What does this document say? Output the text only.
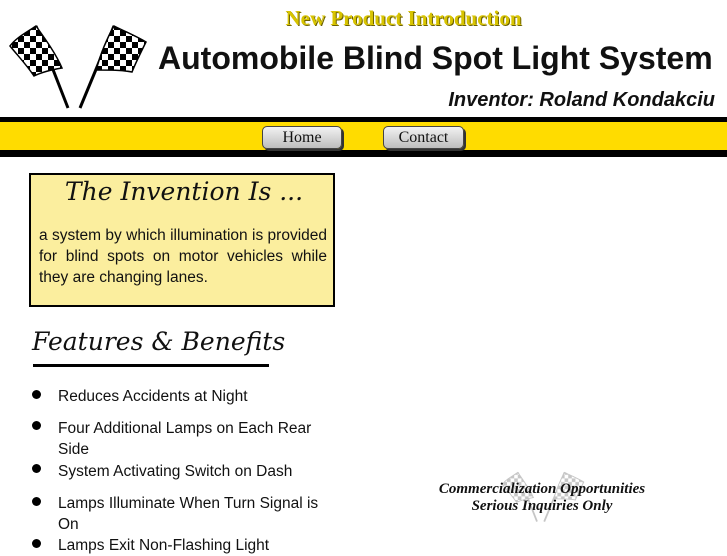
New Product Introduction
Automobile Blind Spot Light System
Inventor: Roland Kondakciu
Home	Contact
The Invention Is ...
a system by which illumination is provided for blind spots on motor vehicles while they are changing lanes.
Features & Benefits
Reduces Accidents at Night
Four Additional Lamps on Each Rear Side
System Activating Switch on Dash
Lamps Illuminate When Turn Signal is On
Lamps Exit Non-Flashing Light
Commercialization Opportunities
Serious Inquiries Only
